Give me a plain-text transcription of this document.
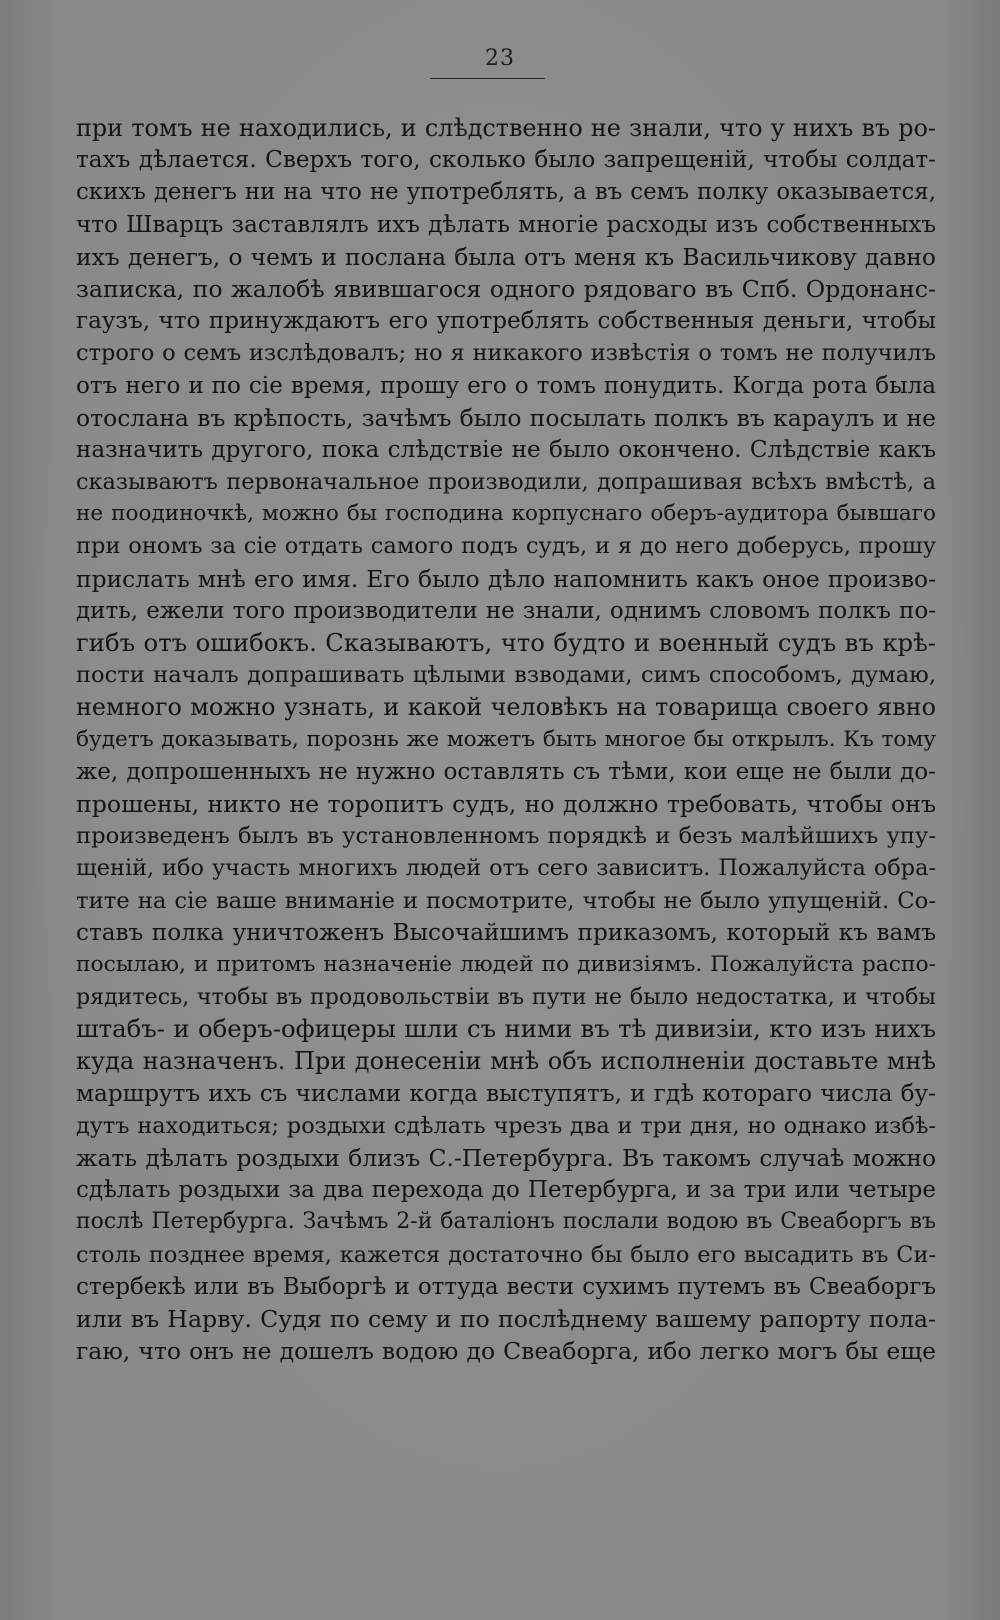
23
при томъ не находились, и слѣдственно не знали, что у нихъ въ ро-
тахъ дѣлается. Сверхъ того, сколько было запрещеній, чтобы солдат-
скихъ денегъ ни на что не употреблять, а въ семъ полку оказывается,
что Шварцъ заставлялъ ихъ дѣлать многіе расходы изъ собственныхъ
ихъ денегъ, о чемъ и послана была отъ меня къ Васильчикову давно
записка, по жалобѣ явившагося одного рядоваго въ Спб. Ордонанс-
гаузъ, что принуждаютъ его употреблять собственныя деньги, чтобы
строго о семъ изслѣдовалъ; но я никакого извѣстія о томъ не получилъ
отъ него и по сіе время, прошу его о томъ понудить. Когда рота была
отослана въ крѣпость, зачѣмъ было посылать полкъ въ караулъ и не
назначить другого, пока слѣдствіе не было окончено. Слѣдствіе какъ
сказываютъ первоначальное производили, допрашивая всѣхъ вмѣстѣ, а
не поодиночкѣ, можно бы господина корпуснаго оберъ-аудитора бывшаго
при ономъ за сіе отдать самого подъ судъ, и я до него доберусь, прошу
прислать мнѣ его имя. Его было дѣло напомнить какъ оное произво-
дить, ежели того производители не знали, однимъ словомъ полкъ по-
гибъ отъ ошибокъ. Сказываютъ, что будто и военный судъ въ крѣ-
пости началъ допрашивать цѣлыми взводами, симъ способомъ, думаю,
немного можно узнать, и какой человѣкъ на товарища своего явно
будетъ доказывать, порознь же можетъ быть многое бы открылъ. Къ тому
же, допрошенныхъ не нужно оставлять съ тѣми, кои еще не были до-
прошены, никто не торопитъ судъ, но должно требовать, чтобы онъ
произведенъ былъ въ установленномъ порядкѣ и безъ малѣйшихъ упу-
щеній, ибо участь многихъ людей отъ сего зависитъ. Пожалуйста обра-
тите на сіе ваше вниманіе и посмотрите, чтобы не было упущеній. Со-
ставъ полка уничтоженъ Высочайшимъ приказомъ, который къ вамъ
посылаю, и притомъ назначеніе людей по дивизіямъ. Пожалуйста распо-
рядитесь, чтобы въ продовольствіи въ пути не было недостатка, и чтобы
штабъ- и оберъ-офицеры шли съ ними въ тѣ дивизіи, кто изъ нихъ
куда назначенъ. При донесеніи мнѣ объ исполненіи доставьте мнѣ
маршрутъ ихъ съ числами когда выступятъ, и гдѣ котораго числа бу-
дутъ находиться; роздыхи сдѣлать чрезъ два и три дня, но однако избѣ-
жать дѣлать роздыхи близъ С.-Петербурга. Въ такомъ случаѣ можно
сдѣлать роздыхи за два перехода до Петербурга, и за три или четыре
послѣ Петербурга. Зачѣмъ 2-й баталіонъ послали водою въ Свеаборгъ въ
столь позднее время, кажется достаточно бы было его высадить въ Си-
стербекѣ или въ Выборгѣ и оттуда вести сухимъ путемъ въ Свеаборгъ
или въ Нарву. Судя по сему и по послѣднему вашему рапорту пола-
гаю, что онъ не дошелъ водою до Свеаборга, ибо легко могъ бы еще
